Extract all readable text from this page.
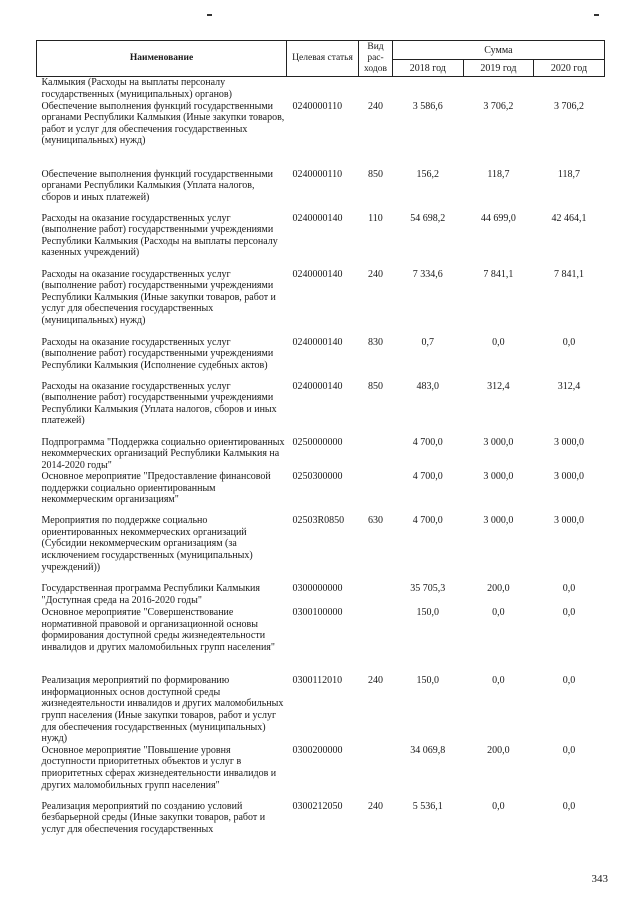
Наименование	Целевая статья	Вид рас-ходов	Сумма		
			2018 год	2019 год	2020 год
Калмыкия (Расходы на выплаты персоналу государственных (муниципальных) органов)					
Обеспечение выполнения функций государственными органами Республики Калмыкия (Иные закупки товаров, работ и услуг для обеспечения государственных (муниципальных) нужд)	0240000110	240	3 586,6	3 706,2	3 706,2
Обеспечение выполнения функций государственными органами Республики Калмыкия (Уплата налогов, сборов и иных платежей)	0240000110	850	156,2	118,7	118,7
Расходы на оказание государственных услуг (выполнение работ) государственными учреждениями Республики Калмыкия (Расходы на выплаты персоналу казенных учреждений)	0240000140	110	54 698,2	44 699,0	42 464,1
Расходы на оказание государственных услуг (выполнение работ) государственными учреждениями Республики Калмыкия (Иные закупки товаров, работ и услуг для обеспечения государственных (муниципальных) нужд)	0240000140	240	7 334,6	7 841,1	7 841,1
Расходы на оказание государственных услуг (выполнение работ) государственными учреждениями Республики Калмыкия (Исполнение судебных актов)	0240000140	830	0,7	0,0	0,0
Расходы на оказание государственных услуг (выполнение работ) государственными учреждениями Республики Калмыкия (Уплата налогов, сборов и иных платежей)	0240000140	850	483,0	312,4	312,4
Подпрограмма "Поддержка социально ориентированных некоммерческих организаций Республики Калмыкия на 2014-2020 годы"	0250000000		4 700,0	3 000,0	3 000,0
Основное мероприятие "Предоставление финансовой поддержки социально ориентированным некоммерческим организациям"	0250300000		4 700,0	3 000,0	3 000,0
Мероприятия по поддержке социально ориентированных некоммерческих организаций (Субсидии некоммерческим организациям (за исключением государственных (муниципальных) учреждений))	02503R0850	630	4 700,0	3 000,0	3 000,0
Государственная программа Республики Калмыкия "Доступная среда на 2016-2020 годы"	0300000000		35 705,3	200,0	0,0
Основное мероприятие "Совершенствование нормативной правовой и организационной основы формирования доступной среды жизнедеятельности инвалидов и других маломобильных групп населения"	0300100000		150,0	0,0	0,0
Реализация мероприятий по формированию информационных основ доступной среды жизнедеятельности инвалидов и других маломобильных групп населения (Иные закупки товаров, работ и услуг для обеспечения государственных (муниципальных) нужд)	0300112010	240	150,0	0,0	0,0
Основное мероприятие "Повышение уровня доступности приоритетных объектов и услуг в приоритетных сферах жизнедеятельности инвалидов и других маломобильных групп населения"	0300200000		34 069,8	200,0	0,0
Реализация мероприятий по созданию условий безбарьерной среды (Иные закупки товаров, работ и услуг для обеспечения государственных	0300212050	240	5 536,1	0,0	0,0
343
